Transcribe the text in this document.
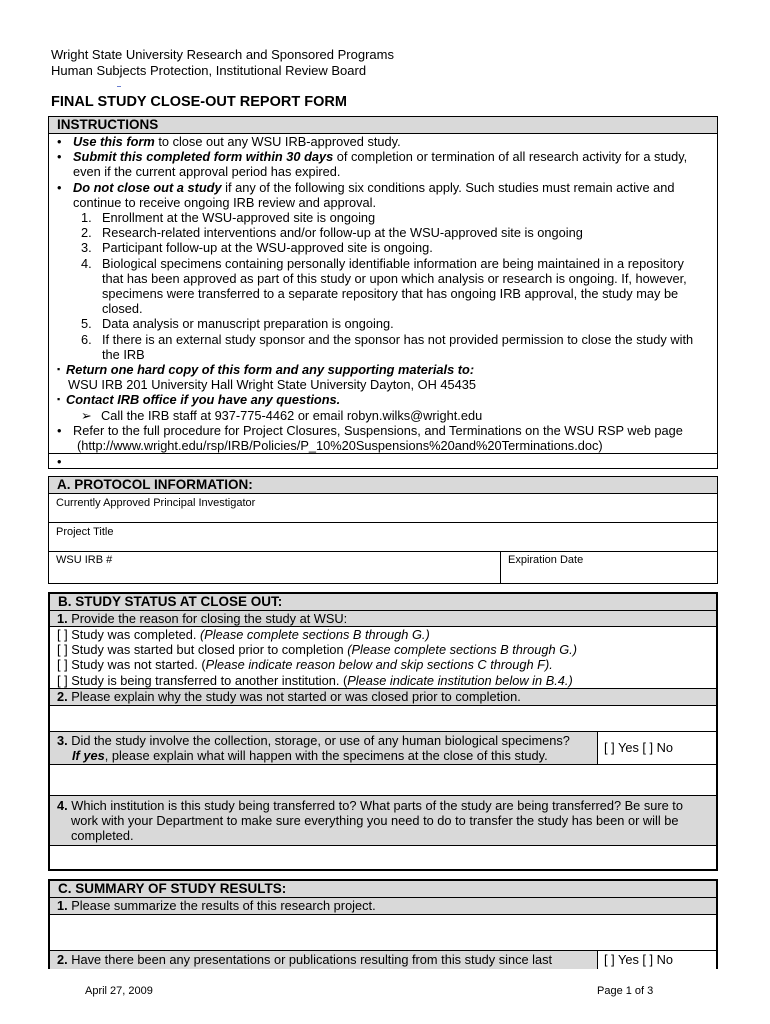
Wright State University Research and Sponsored Programs
Human Subjects Protection, Institutional Review Board
FINAL STUDY CLOSE-OUT REPORT FORM
INSTRUCTIONS
• Use this form to close out any WSU IRB-approved study.
• Submit this completed form within 30 days of completion or termination of all research activity for a study,
even if the current approval period has expired.
• Do not close out a study if any of the following six conditions apply. Such studies must remain active and
continue to receive ongoing IRB review and approval.
1. Enrollment at the WSU-approved site is ongoing
2. Research-related interventions and/or follow-up at the WSU-approved site is ongoing
3. Participant follow-up at the WSU-approved site is ongoing.
4. Biological specimens containing personally identifiable information are being maintained in a repository
that has been approved as part of this study or upon which analysis or research is ongoing. If, however,
specimens were transferred to a separate repository that has ongoing IRB approval, the study may be
closed.
5. Data analysis or manuscript preparation is ongoing.
6. If there is an external study sponsor and the sponsor has not provided permission to close the study with
the IRB
▪ Return one hard copy of this form and any supporting materials to:
WSU IRB 201 University Hall Wright State University Dayton, OH 45435
▪ Contact IRB office if you have any questions.
➢ Call the IRB staff at 937-775-4462 or email robyn.wilks@wright.edu
• Refer to the full procedure for Project Closures, Suspensions, and Terminations on the WSU RSP web page
(http://www.wright.edu/rsp/IRB/Policies/P_10%20Suspensions%20and%20Terminations.doc)
•
A. PROTOCOL INFORMATION:
Currently Approved Principal Investigator
Project Title
WSU IRB #	Expiration Date
B. STUDY STATUS AT CLOSE OUT:
1. Provide the reason for closing the study at WSU:
[ ] Study was completed. (Please complete sections B through G.)
[ ] Study was started but closed prior to completion (Please complete sections B through G.)
[ ] Study was not started. (Please indicate reason below and skip sections C through F).
[ ] Study is being transferred to another institution. (Please indicate institution below in B.4.)
2. Please explain why the study was not started or was closed prior to completion.
3. Did the study involve the collection, storage, or use of any human biological specimens?
If yes, please explain what will happen with the specimens at the close of this study.
[ ] Yes [ ] No
4. Which institution is this study being transferred to? What parts of the study are being transferred? Be sure to
work with your Department to make sure everything you need to do to transfer the study has been or will be
completed.
C. SUMMARY OF STUDY RESULTS:
1. Please summarize the results of this research project.
2. Have there been any presentations or publications resulting from this study since last	[ ] Yes [ ] No
April 27, 2009	Page 1 of 3
